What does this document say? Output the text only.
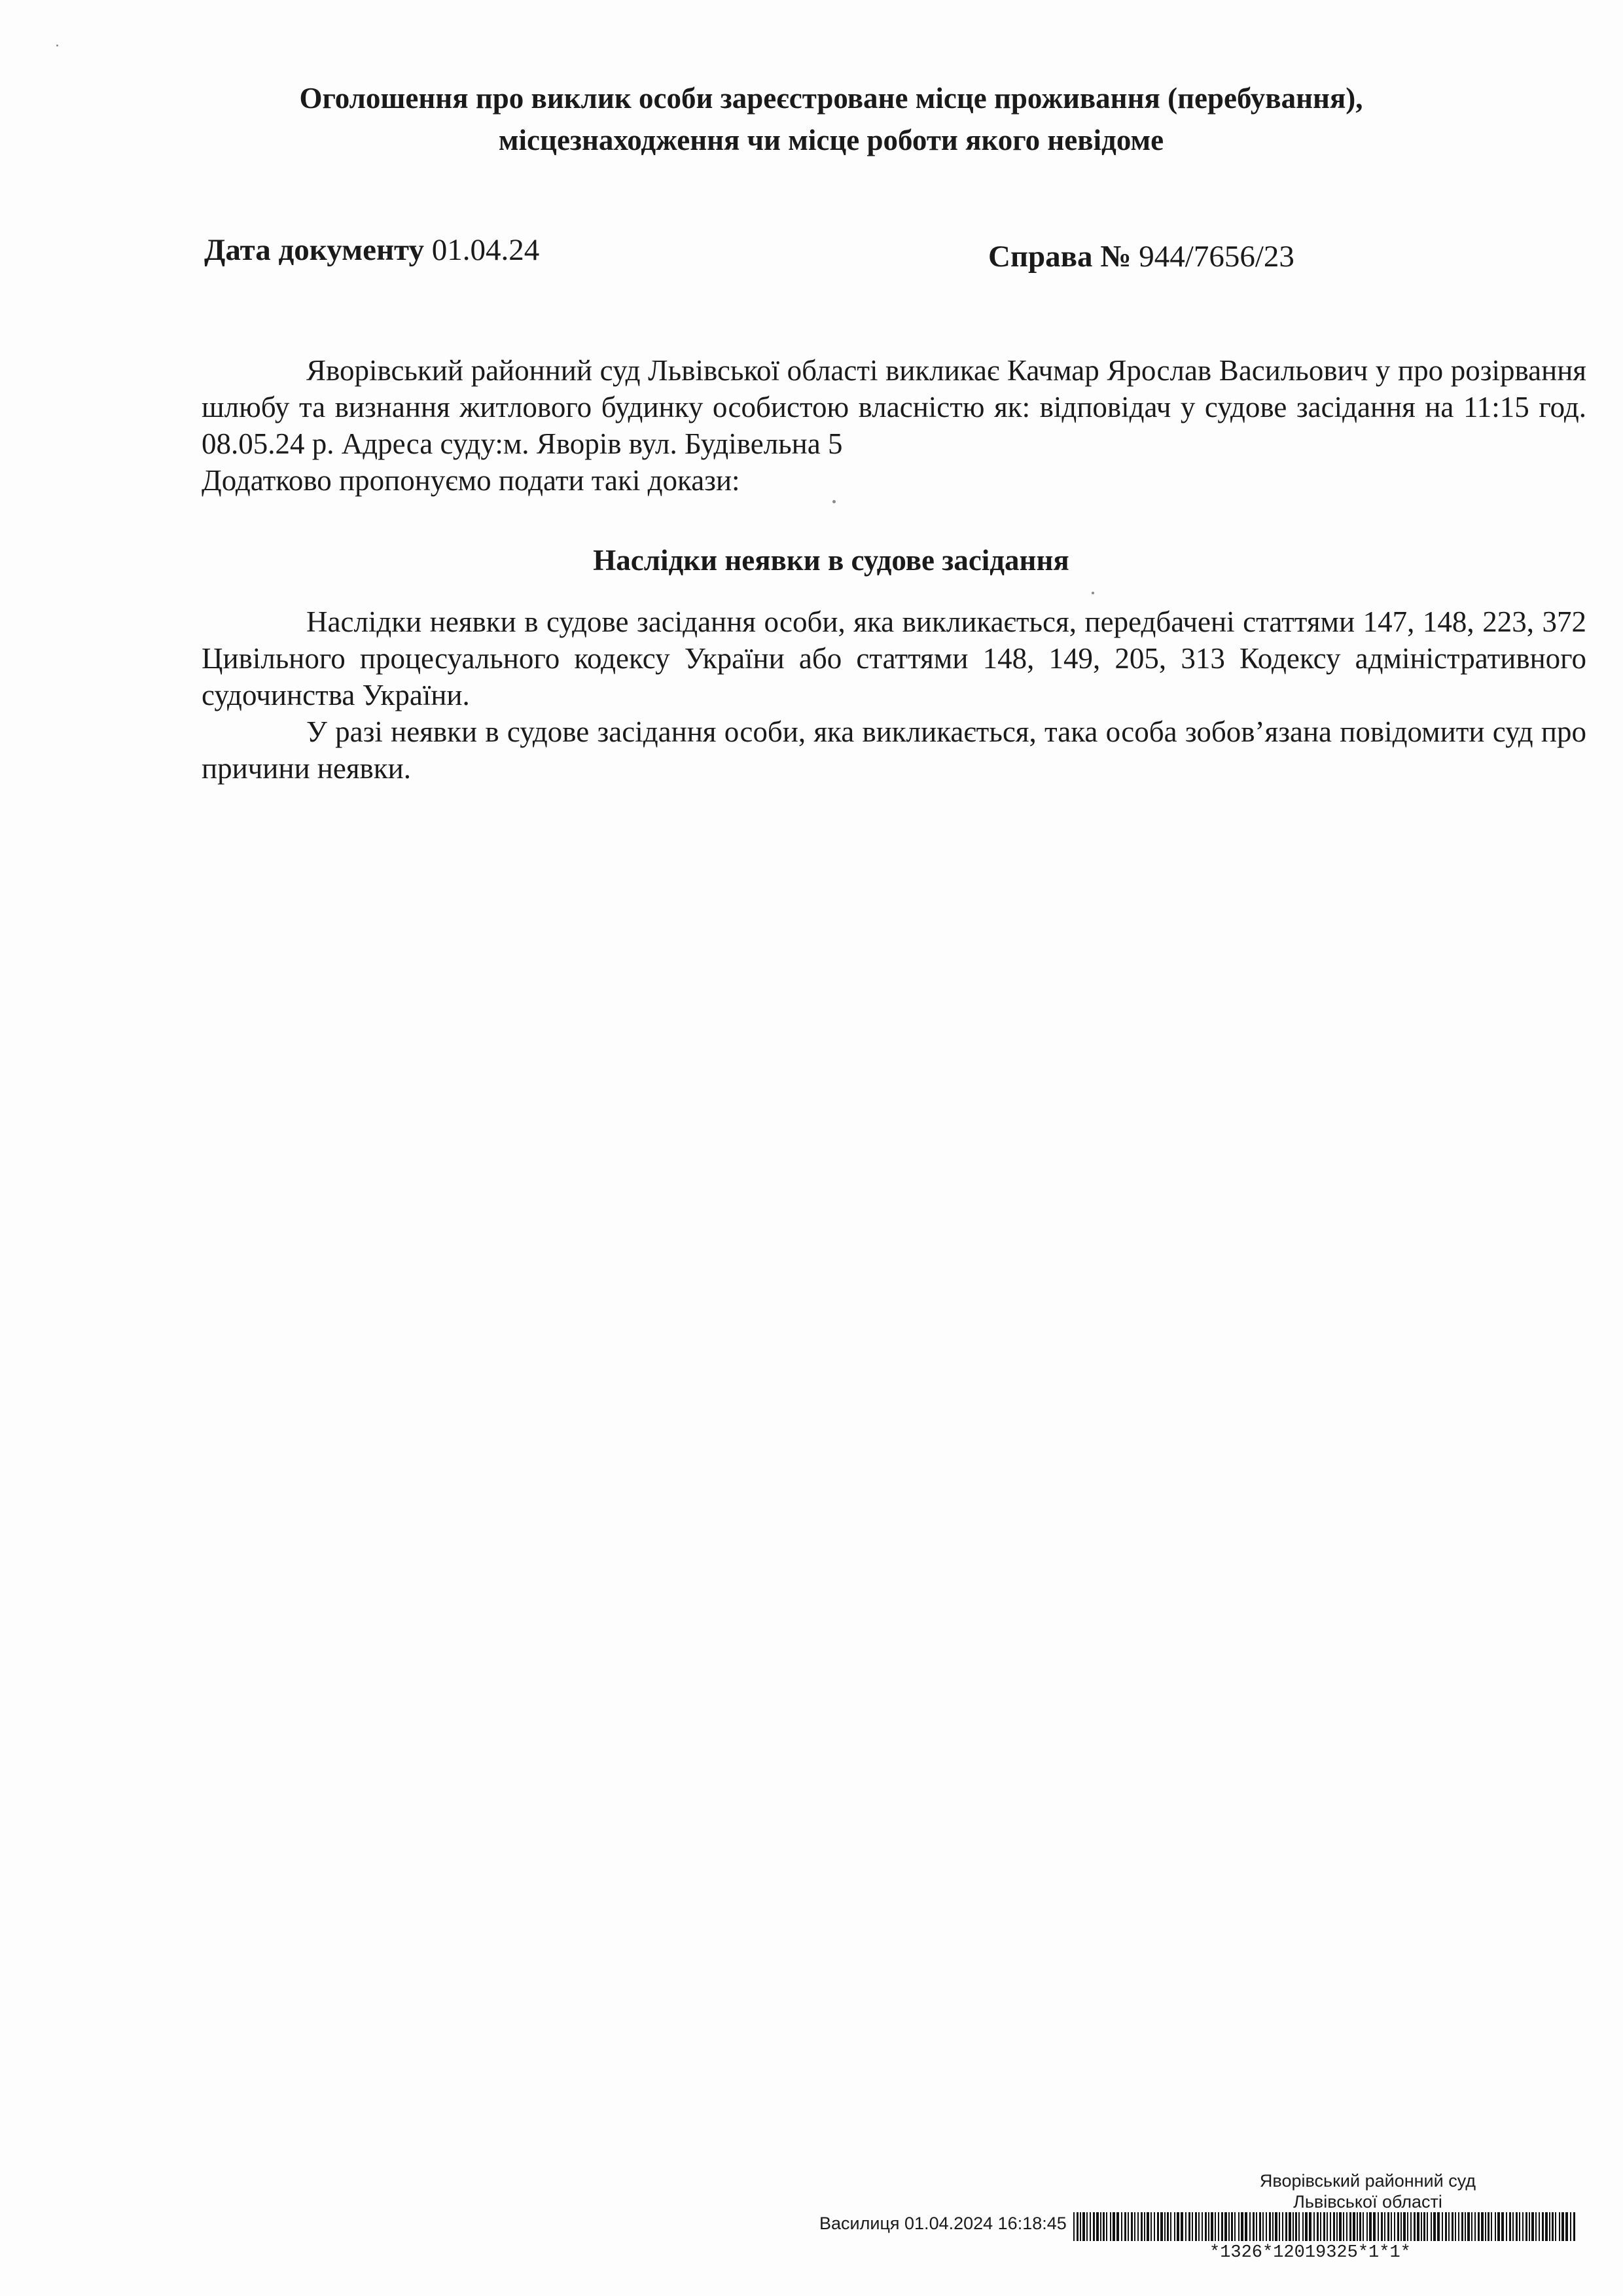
Оголошення про виклик особи зареєстроване місце проживання (перебування),
місцезнаходження чи місце роботи якого невідоме
Дата документу 01.04.24	Справа № 944/7656/23

Яворівський районний суд Львівської області викликає Качмар Ярослав Васильович у про розірвання шлюбу та визнання житлового будинку особистою власністю як: відповідач у судове засідання на 11:15 год. 08.05.24 р. Адреса суду:м. Яворів вул. Будівельна 5

Додатково пропонуємо подати такі докази:

Наслідки неявки в судове засідання

Наслідки неявки в судове засідання особи, яка викликається, передбачені статтями 147, 148, 223, 372 Цивільного процесуального кодексу України або статтями 148, 149, 205, 313 Кодексу адміністративного судочинства України.

У разі неявки в судове засідання особи, яка викликається, така особа зобов’язана повідомити суд про причини неявки.

Яворівський районний суд
Львівської області
Василиця 01.04.2024 16:18:45
*1326*12019325*1*1*
